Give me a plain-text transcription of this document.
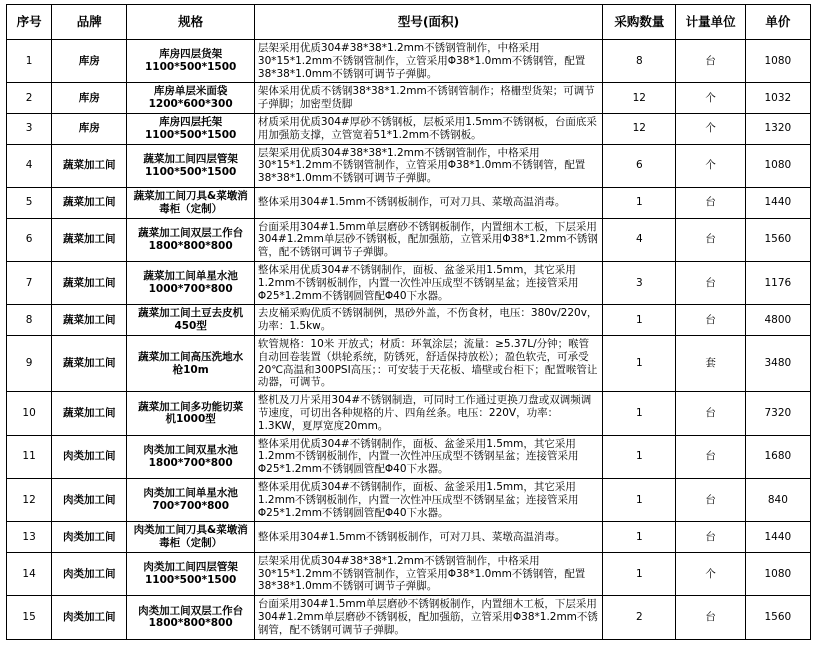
序号	品牌	规格	型号(面积)	采购数量	计量单位	单价
1	库房	库房四层货架
1100*500*1500	层架采用优质304#38*38*1.2mm不锈钢管制作，中格采用30*15*1.2mm不锈钢管制作，立管采用Φ38*1.0mm不锈钢管，配置38*38*1.0mm不锈钢可调节子弹脚。	8	台	1080
2	库房	库房单层米面袋
1200*600*300	架体采用优质不锈钢38*38*1.2mm不锈钢管制作；格栅型货架；可调节子弹脚；加密型货脚	12	个	1032
3	库房	库房四层托架
1100*500*1500	材质采用优质304#厚砂不锈钢板，层板采用1.5mm不锈钢板，台面底采用加强筋支撑，立管宽着51*1.2mm不锈钢板。	12	个	1320
4	蔬菜加工间	蔬菜加工间四层管架
1100*500*1500	层架采用优质304#38*38*1.2mm不锈钢管制作，中格采用30*15*1.2mm不锈钢管制作，立管采用Φ38*1.0mm不锈钢管，配置38*38*1.0mm不锈钢可调节子弹脚。	6	个	1080
5	蔬菜加工间	蔬菜加工间刀具&菜墩消
毒柜（定制）	整体采用304#1.5mm不锈钢板制作，可对刀具、菜墩高温消毒。	1	台	1440
6	蔬菜加工间	蔬菜加工间双层工作台
1800*800*800	台面采用304#1.5mm单层磨砂不锈钢板制作，内置细木工板，下层采用304#1.2mm单层砂不锈钢板，配加强筋，立管采用Φ38*1.2mm不锈钢管，配不锈钢可调节子弹脚。	4	台	1560
7	蔬菜加工间	蔬菜加工间单星水池
1000*700*800	整体采用优质304#不锈钢制作，面板、盆釜采用1.5mm，其它采用1.2mm不锈钢板制作，内置一次性冲压成型不锈钢星盆；连接管采用Φ25*1.2mm不锈钢圆管配Φ40下水器。	3	台	1176
8	蔬菜加工间	蔬菜加工间土豆去皮机
450型	去皮桶采购优质不锈钢制例，黑砂外盖，不伤食材，电压：380v/220v，功率：1.5kw。	1	台	4800
9	蔬菜加工间	蔬菜加工间高压洗地水
枪10m	软管规格：10米 开放式；材质：环氧涂层；流量：≥5.37L/分钟；喉管自动回卷装置（烘轮系统，防锈死，舒适保持放松）；盈色软壳，可承受20℃高温和300PSI高压；：可安装于天花板、墙壁或台柜下；配置喉管让动器，可调节。	1	套	3480
10	蔬菜加工间	蔬菜加工间多功能切菜
机1000型	整机及刀片采用304#不锈钢制造，可同时工作通过更换刀盘或双调频调节速度，可切出各种规格的片、四角丝条。电压：220V，功率：1.3KW，夏厚宽度20mm。	1	台	7320
11	肉类加工间	肉类加工间双星水池
1800*700*800	整体采用优质304#不锈钢制作，面板、盆釜采用1.5mm，其它采用1.2mm不锈钢板制作，内置一次性冲压成型不锈钢星盆；连接管采用Φ25*1.2mm不锈钢圆管配Φ40下水器。	1	台	1680
12	肉类加工间	肉类加工间单星水池
700*700*800	整体采用优质304#不锈钢制作，面板、盆釜采用1.5mm，其它采用1.2mm不锈钢板制作，内置一次性冲压成型不锈钢星盆；连接管采用Φ25*1.2mm不锈钢圆管配Φ40下水器。	1	台	840
13	肉类加工间	肉类加工间刀具&菜墩消
毒柜（定制）	整体采用304#1.5mm不锈钢板制作，可对刀具、菜墩高温消毒。	1	台	1440
14	肉类加工间	肉类加工间四层管架
1100*500*1500	层架采用优质304#38*38*1.2mm不锈钢管制作，中格采用30*15*1.2mm不锈钢管制作，立管采用Φ38*1.0mm不锈钢管，配置38*38*1.0mm不锈钢可调节子弹脚。	1	个	1080
15	肉类加工间	肉类加工间双层工作台
1800*800*800	台面采用304#1.5mm单层磨砂不锈钢板制作，内置细木工板，下层采用304#1.2mm单层磨砂不锈钢板，配加强筋，立管采用Φ38*1.2mm不锈钢管，配不锈钢可调节子弹脚。	2	台	1560
